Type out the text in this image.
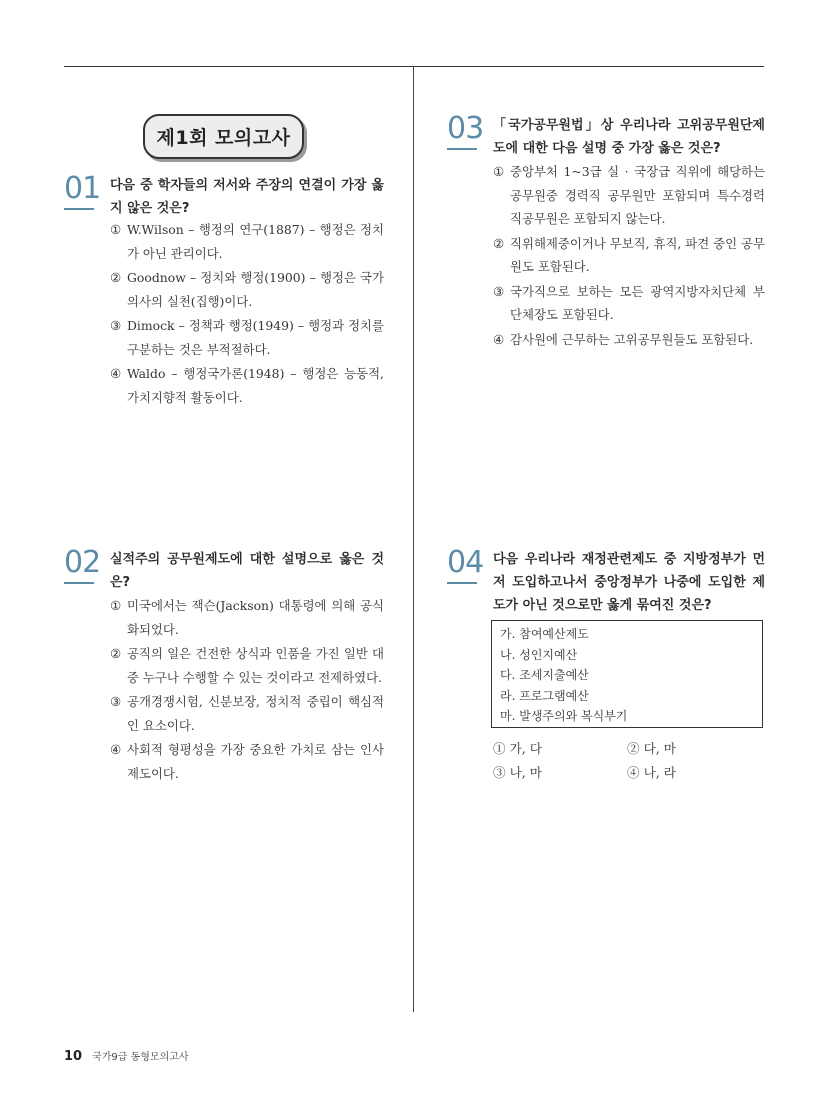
제1회 모의고사
01 다음 중 학자들의 저서와 주장의 연결이 가장 옳지 않은 것은?
① W.Wilson – 행정의 연구(1887) – 행정은 정치가 아닌 관리이다.
② Goodnow – 정치와 행정(1900) – 행정은 국가의사의 실천(집행)이다.
③ Dimock – 정책과 행정(1949) – 행정과 정치를 구분하는 것은 부적절하다.
④ Waldo – 행정국가론(1948) – 행정은 능동적, 가치지향적 활동이다.
02 실적주의 공무원제도에 대한 설명으로 옳은 것은?
① 미국에서는 잭슨(Jackson) 대통령에 의해 공식화되었다.
② 공직의 일은 건전한 상식과 인품을 가진 일반 대중 누구나 수행할 수 있는 것이라고 전제하였다.
③ 공개경쟁시험, 신분보장, 정치적 중립이 핵심적인 요소이다.
④ 사회적 형평성을 가장 중요한 가치로 삼는 인사제도이다.
03 「국가공무원법」상 우리나라 고위공무원단제도에 대한 다음 설명 중 가장 옳은 것은?
① 중앙부처 1~3급 실 · 국장급 직위에 해당하는 공무원중 경력직 공무원만 포함되며 특수경력직공무원은 포함되지 않는다.
② 직위해제중이거나 무보직, 휴직, 파견 중인 공무원도 포함된다.
③ 국가직으로 보하는 모든 광역지방자치단체 부단체장도 포함된다.
④ 감사원에 근무하는 고위공무원들도 포함된다.
04 다음 우리나라 재정관련제도 중 지방정부가 먼저 도입하고나서 중앙정부가 나중에 도입한 제도가 아닌 것으로만 옳게 묶여진 것은?
가. 참여예산제도
나. 성인지예산
다. 조세지출예산
라. 프로그램예산
마. 발생주의와 복식부기
① 가, 다	② 다, 마
③ 나, 마	④ 나, 라
10 국가9급 동형모의고사
